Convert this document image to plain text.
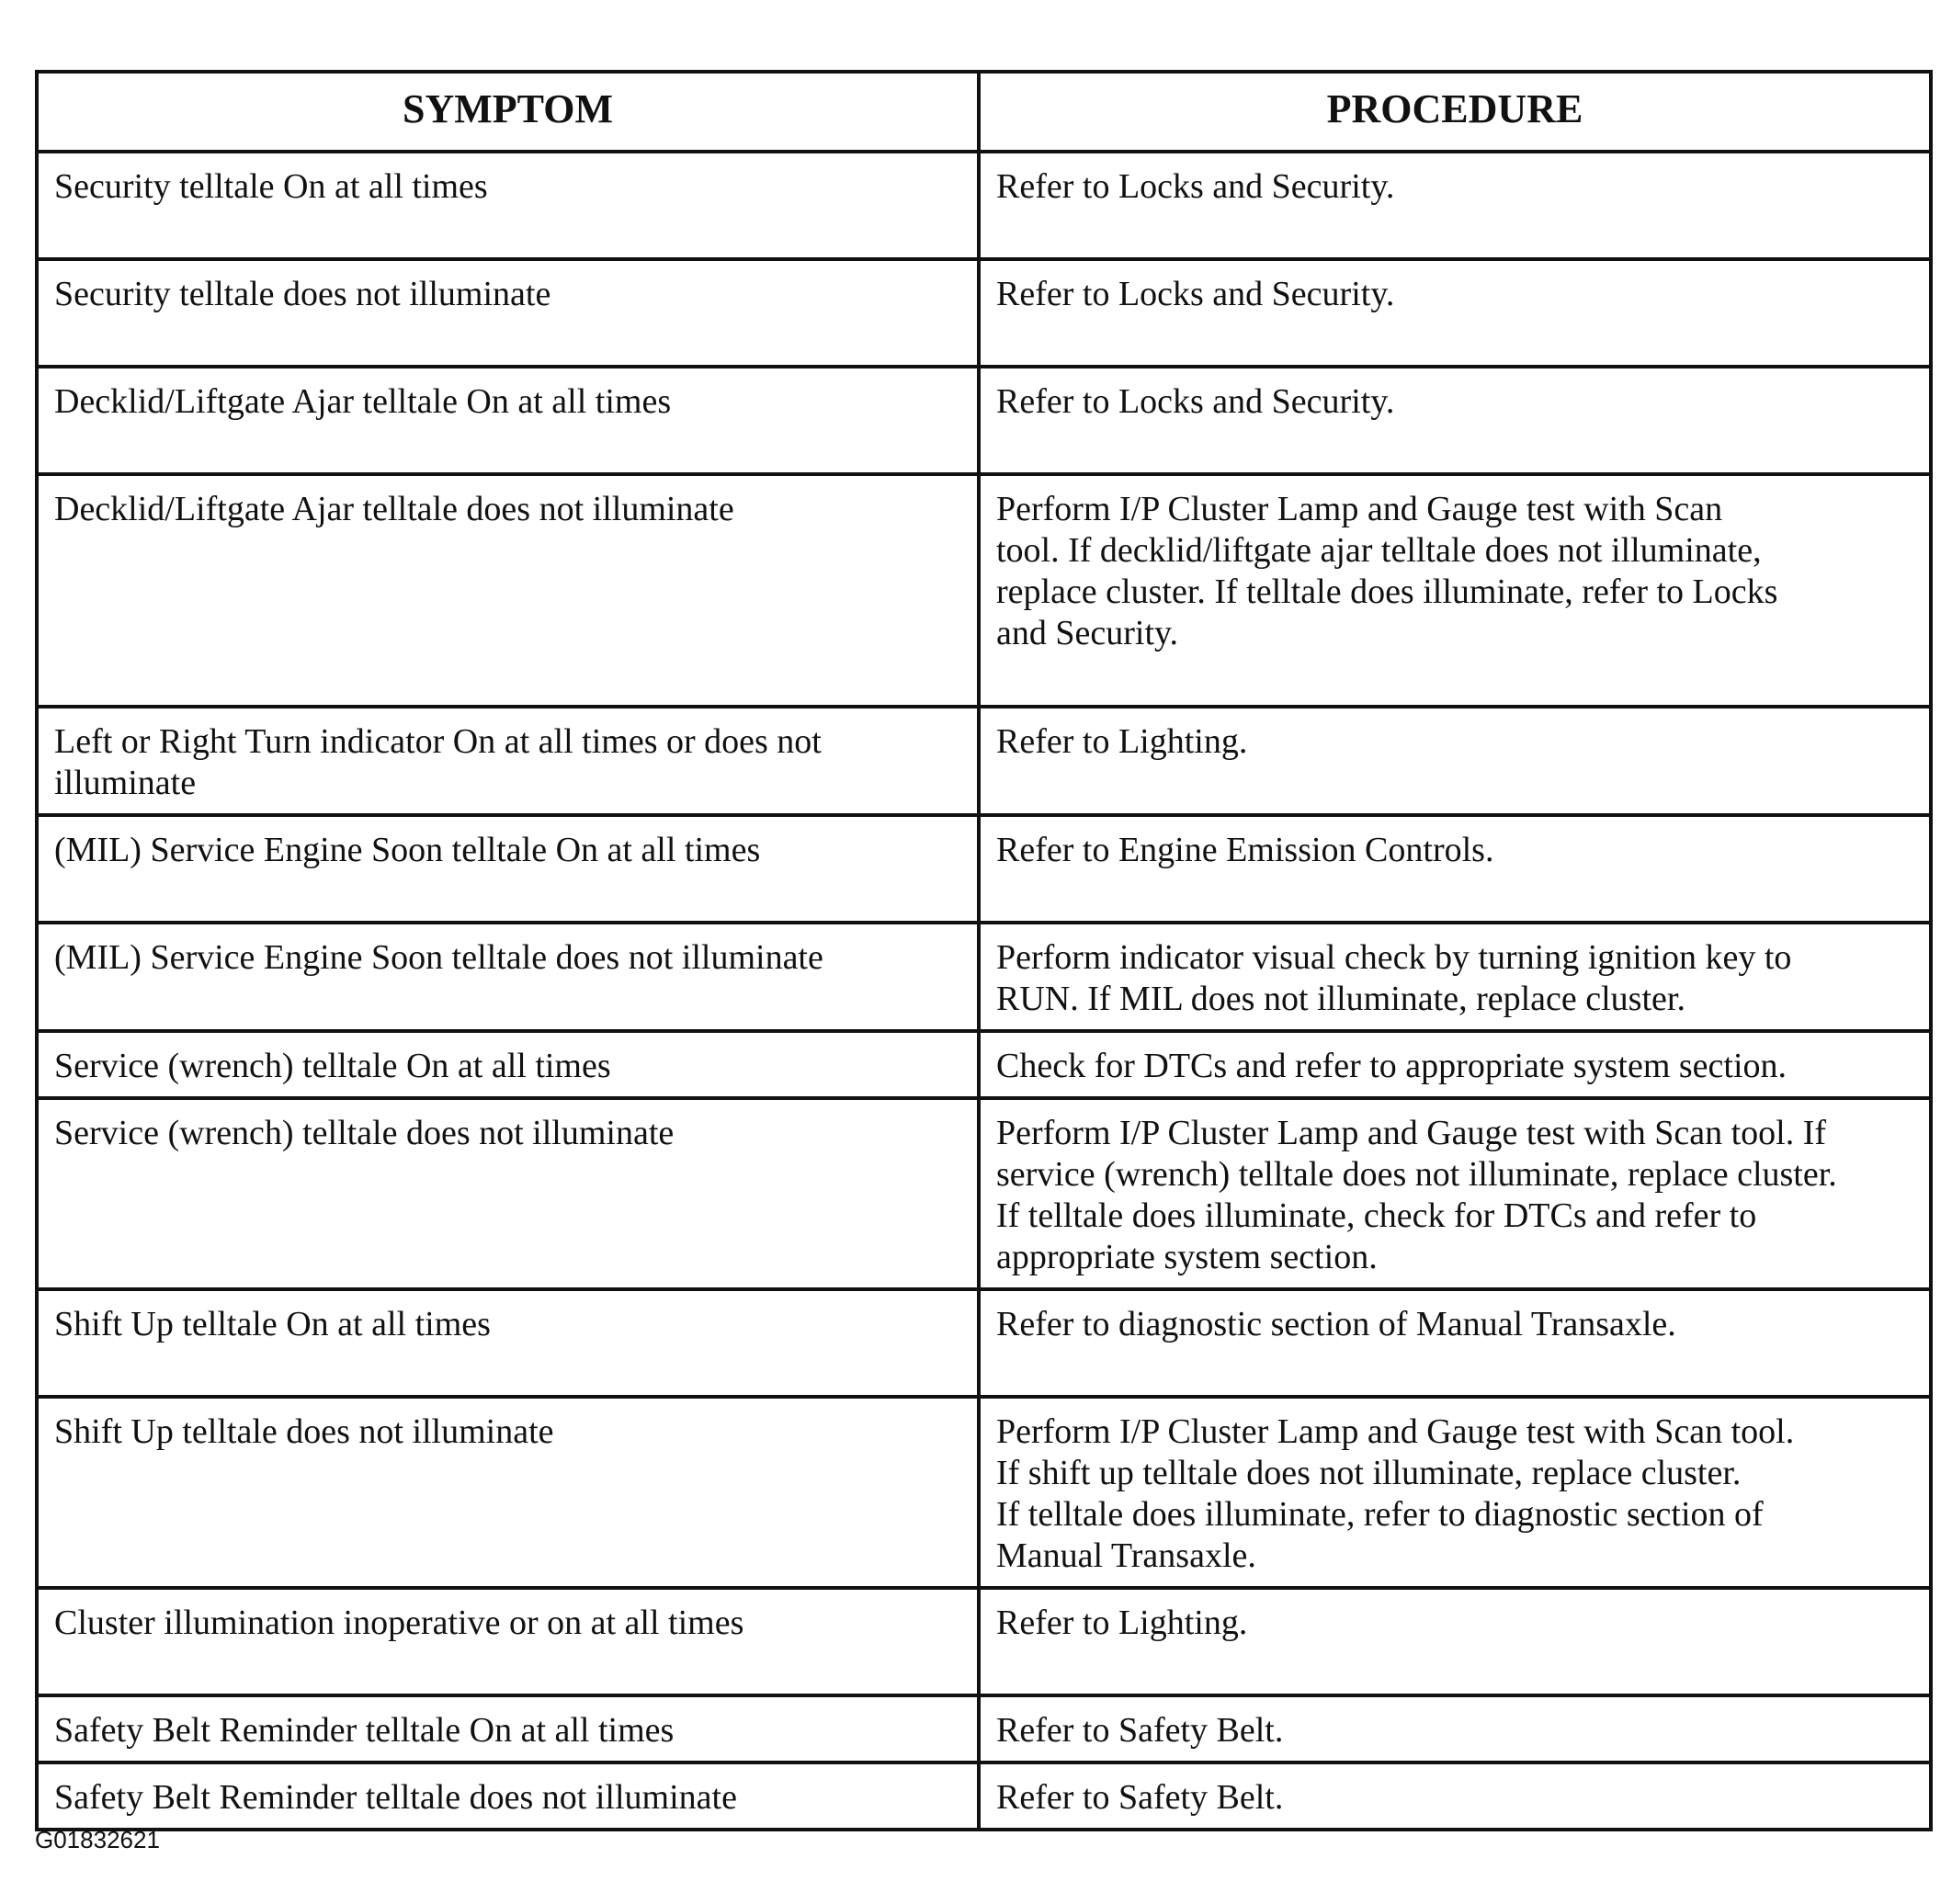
SYMPTOM	PROCEDURE
Security telltale On at all times	Refer to Locks and Security.

Security telltale does not illuminate	Refer to Locks and Security.

Decklid/Liftgate Ajar telltale On at all times	Refer to Locks and Security.

Decklid/Liftgate Ajar telltale does not illuminate	Perform I/P Cluster Lamp and Gauge test with Scan
tool. If decklid/liftgate ajar telltale does not illuminate,
replace cluster. If telltale does illuminate, refer to Locks
and Security.

Left or Right Turn indicator On at all times or does not illuminate	Refer to Lighting.

(MIL) Service Engine Soon telltale On at all times	Refer to Engine Emission Controls.

(MIL) Service Engine Soon telltale does not illuminate	Perform indicator visual check by turning ignition key to
RUN. If MIL does not illuminate, replace cluster.

Service (wrench) telltale On at all times	Check for DTCs and refer to appropriate system section.

Service (wrench) telltale does not illuminate	Perform I/P Cluster Lamp and Gauge test with Scan tool. If
service (wrench) telltale does not illuminate, replace cluster.
If telltale does illuminate, check for DTCs and refer to
appropriate system section.

Shift Up telltale On at all times	Refer to diagnostic section of Manual Transaxle.

Shift Up telltale does not illuminate	Perform I/P Cluster Lamp and Gauge test with Scan tool.
If shift up telltale does not illuminate, replace cluster.
If telltale does illuminate, refer to diagnostic section of
Manual Transaxle.

Cluster illumination inoperative or on at all times	Refer to Lighting.

Safety Belt Reminder telltale On at all times	Refer to Safety Belt.

Safety Belt Reminder telltale does not illuminate	Refer to Safety Belt.
G01832621
